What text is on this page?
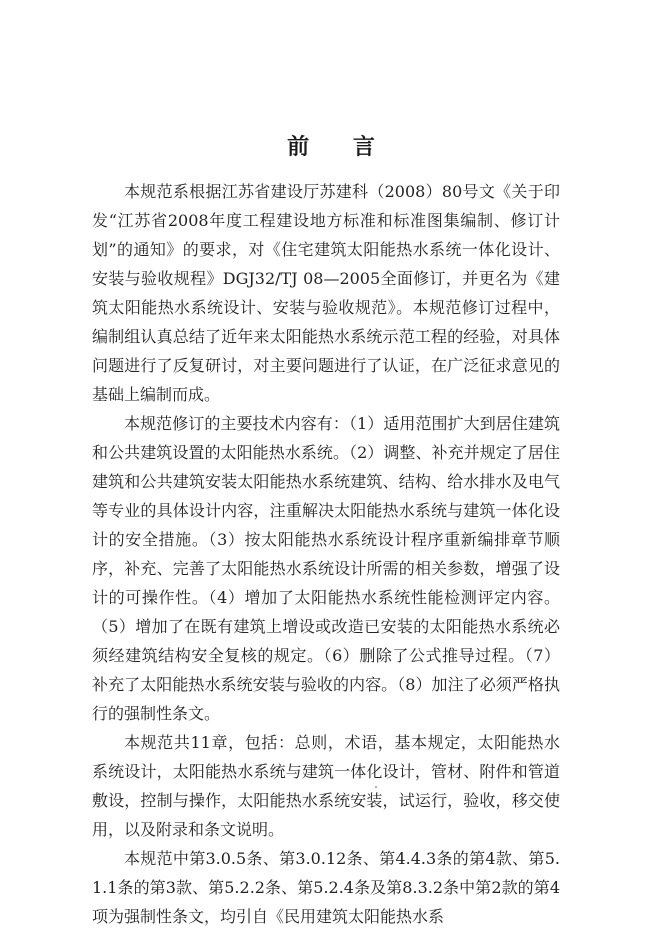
前 言

本规范系根据江苏省建设厅苏建科（2008）80号文《关于印发“江苏省2008年度工程建设地方标准和标准图集编制、修订计划”的通知》的要求，对《住宅建筑太阳能热水系统一体化设计、安装与验收规程》DGJ32/TJ 08—2005全面修订，并更名为《建筑太阳能热水系统设计、安装与验收规范》。本规范修订过程中，编制组认真总结了近年来太阳能热水系统示范工程的经验，对具体问题进行了反复研讨，对主要问题进行了认证，在广泛征求意见的基础上编制而成。

本规范修订的主要技术内容有：（1）适用范围扩大到居住建筑和公共建筑设置的太阳能热水系统。（2）调整、补充并规定了居住建筑和公共建筑安装太阳能热水系统建筑、结构、给水排水及电气等专业的具体设计内容，注重解决太阳能热水系统与建筑一体化设计的安全措施。（3）按太阳能热水系统设计程序重新编排章节顺序，补充、完善了太阳能热水系统设计所需的相关参数，增强了设计的可操作性。（4）增加了太阳能热水系统性能检测评定内容。（5）增加了在既有建筑上增设或改造已安装的太阳能热水系统必须经建筑结构安全复核的规定。（6）删除了公式推导过程。（7）补充了太阳能热水系统安装与验收的内容。（8）加注了必须严格执行的强制性条文。

本规范共11章，包括：总则，术语，基本规定，太阳能热水系统设计，太阳能热水系统与建筑一体化设计，管材、附件和管道敷设，控制与操作，太阳能热水系统安装，试运行，验收，移交使用，以及附录和条文说明。

本规范中第3.0.5条、第3.0.12条、第4.4.3条的第4款、第5.1.1条的第3款、第5.2.2条、第5.2.4条及第8.3.2条中第2款的第4项为强制性条文，均引自《民用建筑太阳能热水系
